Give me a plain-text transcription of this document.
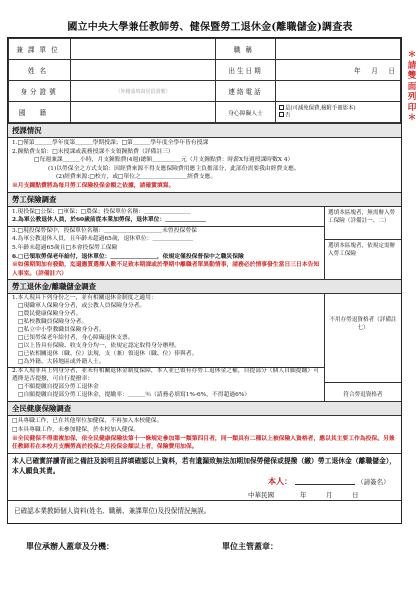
國立中央大學兼任教師勞、健保暨勞工退休金(離職儲金)調查表
＊請雙面列印＊
兼課單位		職稱	
姓名		出生日期	年　月　日
身分證號	（外籍請填寫居留證號）	連絡電話	
國籍		身心障礙人士	是(可減免保費,檢附手冊影本)
否
授課情況
1.□僅第＿＿＿學年度第＿＿＿學期授課；□第＿＿＿學年度全學年皆有授課
2.鐘點費支給：□未授課或義務授課不支領鐘點費（詳備註三）
□每週兼課＿＿＿小時，月支鐘點費(4週)總額＿＿＿＿＿元（月支鐘點費：時薪X每週授課時數X 4）
(1)以勞保全之方式支給：因經費來源不得支應保險費用應主負擔部分，此部份需要我由經費支應。
(2)經費來源:□校方，或□單位之＿＿＿＿＿＿＿＿經費支應。
※月支鐘點費將為每月勞工保險投保金額之依據，請確實填寫。
勞工保險調查
1.現投保□公保；□軍保；□農保；投保單位名稱：＿＿＿＿＿＿＿＿
2.為軍公教退休人員，於60歲前從本業加勞保，退休單位：＿＿＿＿＿＿＿
3.□現投保勞保中，投保單位名稱：＿＿＿＿＿＿＿＿＿＿未曾投保勞保
4.為軍公教退休人員，且年齡未超過65歲，退休單位：＿＿＿＿＿＿＿
5.年齡未超過65歲且□本會投保勞工保險
6.□已領取勞保老年給付，退休單位：＿＿＿＿＿＿＿＿，依規定僅投保普保中之職災保險
※如係期間加有發動，迄還應質選擇人數不足致本期課或於學期中離職者單異動情事，請務必於情事發生當日三日本告知人事室。（詳備註六）
選填本區塊者，無需辦入勞工保險（詳備註一、二）
選填本區塊者，依規定需辦入勞工保險
勞工退休金/離職儲金調查
1.本人現具下列身份之一，並有相關退休金制度之適用：
□現職軍人保險身分者，或公教人員保險身分者。
□農民健康保險身分者。
□私校教職員保險身分者。
□私立中小學教職員保險身分者。
□已領勞保老年給付者，身心障礙退休支票。
□以上皆具有保險、收支身分均一，依規定認定取得身分辦理。
□已依相關退休（職、位）法規，支（兼）領退休（職、位）俸與者。
□為外籍、大陸地區或外籍人士。
2.本人現非具上列身分者，並未有相關退休金制度保障，本人並已領有存勞工退休金之權，自提部分（個人自願提繳）可選擇是否提撥，可自行提撥率：
□不願提繳自提部分勞工退休金
□自願提繳自提部分勞工退休金，提繳率：＿＿＿％（請務必填寫1%-6%，不得超過6%）
不用存勞退資格者（詳備註七）
符合勞退資格者
全民健康保險調查
□具專職工作，已在其他單位加健保，不再加入本校健保。
□本具專職工作，未參加健保，於本校加入健保。
※全民健保不得重複加保，依全民健康保險法第十一條規定參加第一類第四目者，同一類具有二種以上被保險人資格者，應以其主要工作為投保。另兼任教師若在本校月支酬勞高於投保之月投保金額以上者，保險費用加保。
本人已確實詳讀背面之備註及說明且詳填確認以上資料，若有遺漏致無法加期加保勞健保或提撥（繳）勞工退休金（離職儲金），本人願負其責。
本人：	（請簽名）
中華民國　　　　年　　　月　　　日
已確認本業教師個人資料(姓名、職稱、兼課單位)及投保情況無誤。
單位承辦人蓋章及分機：	單位主管蓋章：
